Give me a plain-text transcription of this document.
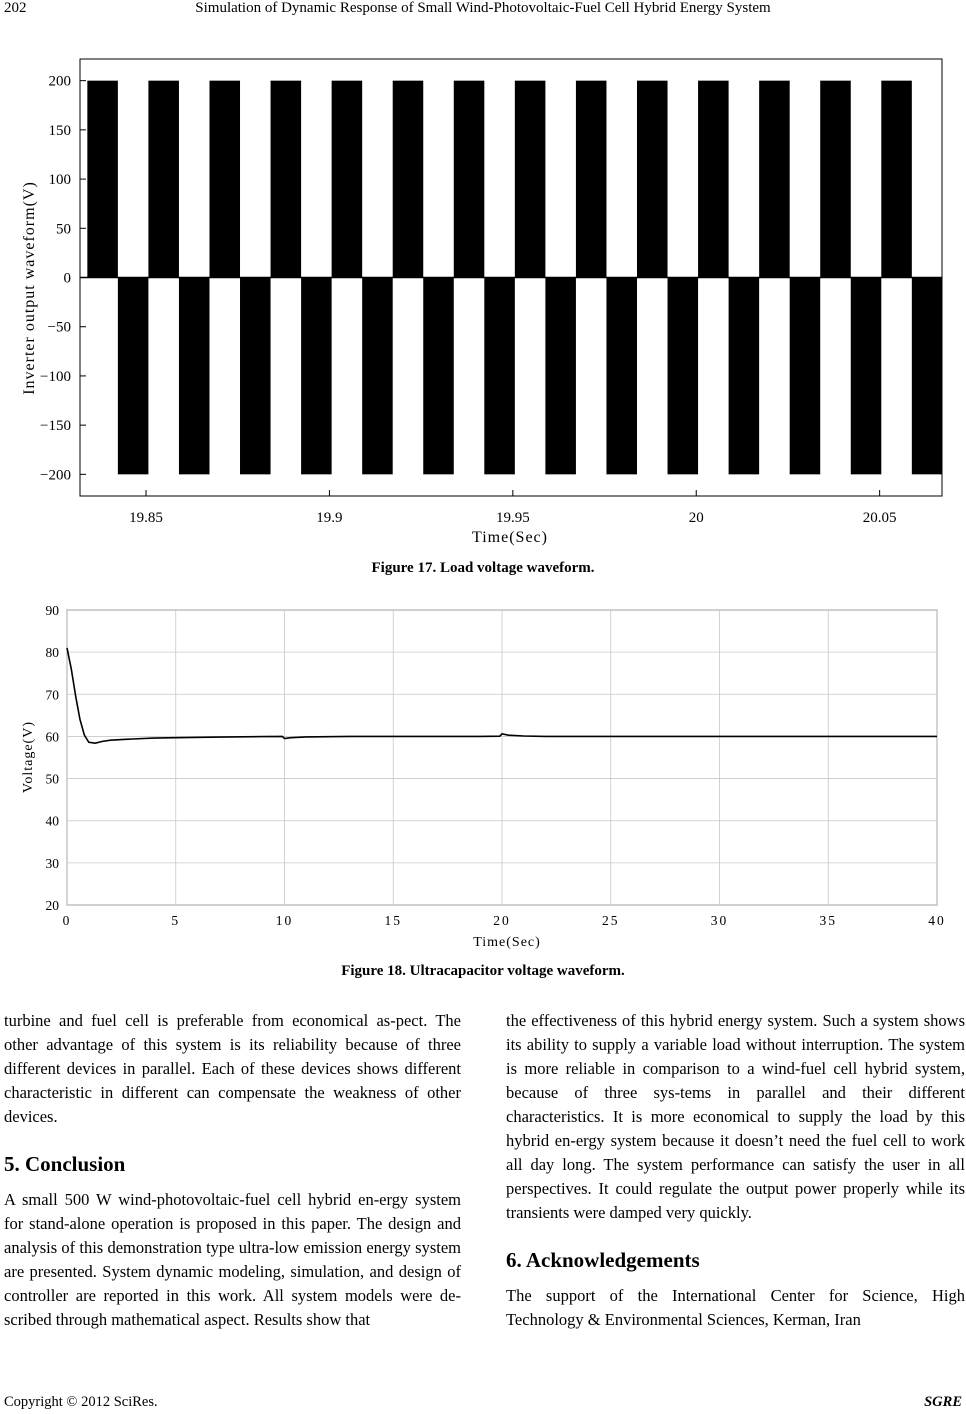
202	Simulation of Dynamic Response of Small Wind-Photovoltaic-Fuel Cell Hybrid Energy System
200
150
100
50
0
−50
−100
−150
−200
19.85	19.9	19.95	20	20.05
Time(Sec)
Inverter output waveform(V)
Figure 17. Load voltage waveform.
90
80
70
60
50
40
30
20
0	5	10	15	20	25	30	35	40
Time(Sec)
Voltage(V)
Figure 18. Ultracapacitor voltage waveform.

turbine and fuel cell is preferable from economical as-pect. The other advantage of this system is its reliability because of three different devices in parallel. Each of these devices shows different characteristic in different can compensate the weakness of other devices.

5. Conclusion

A small 500 W wind-photovoltaic-fuel cell hybrid en-ergy system for stand-alone operation is proposed in this paper. The design and analysis of this demonstration type ultra-low emission energy system are presented. System dynamic modeling, simulation, and design of controller are reported in this work. All system models were de-scribed through mathematical aspect. Results show that

the effectiveness of this hybrid energy system. Such a system shows its ability to supply a variable load without interruption. The system is more reliable in comparison to a wind-fuel cell hybrid system, because of three sys-tems in parallel and their different characteristics. It is more economical to supply the load by this hybrid en-ergy system because it doesn’t need the fuel cell to work all day long. The system performance can satisfy the user in all perspectives. It could regulate the output power properly while its transients were damped very quickly.

6. Acknowledgements

The support of the International Center for Science, High Technology & Environmental Sciences, Kerman, Iran

Copyright © 2012 SciRes.	SGRE
